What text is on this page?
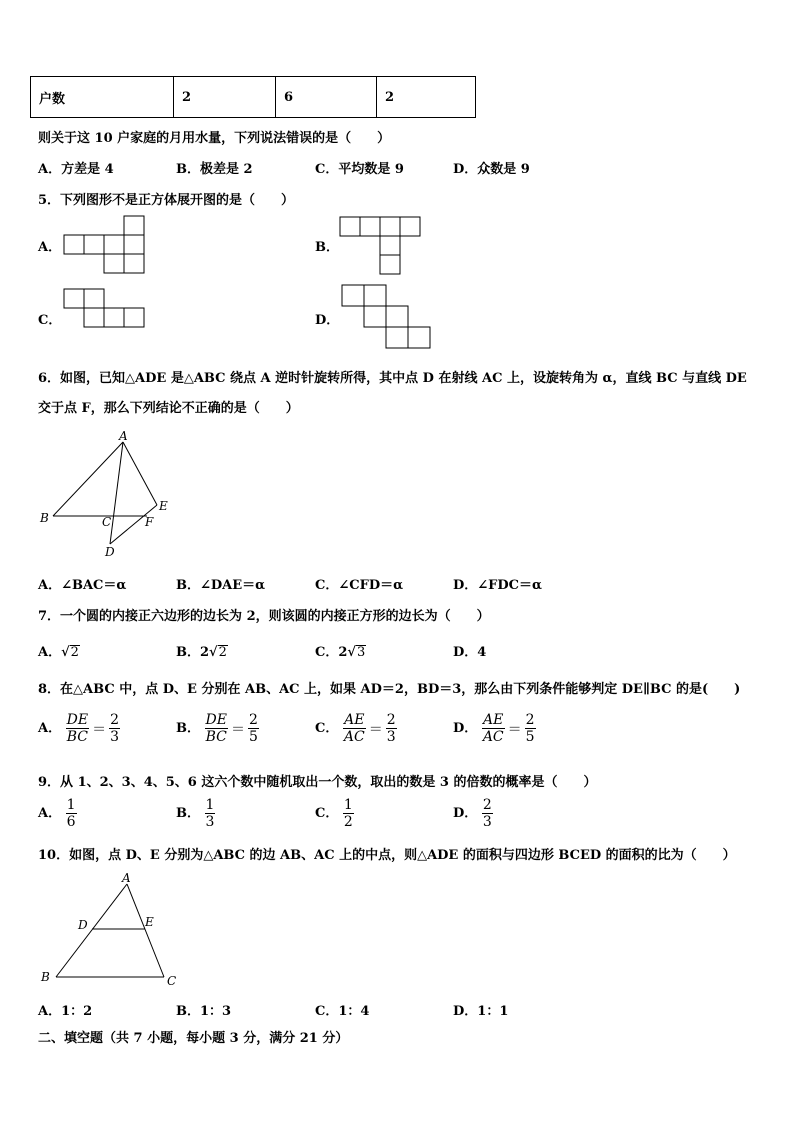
户数	2	6	2
则关于这 10 户家庭的月用水量，下列说法错误的是（　　）
A．方差是 4	B．极差是 2	C．平均数是 9	D．众数是 9
5．下列图形不是正方体展开图的是（　　）
A．	B．
C．	D．
6．如图，已知△ADE 是△ABC 绕点 A 逆时针旋转所得，其中点 D 在射线 AC 上，设旋转角为 α，直线 BC 与直线 DE
交于点 F，那么下列结论不正确的是（　　）
A
B	C
D
E
F
A．∠BAC＝α	B．∠DAE＝α	C．∠CFD＝α	D．∠FDC＝α
7．一个圆的内接正六边形的边长为 2，则该圆的内接正方形的边长为（　　）
A．√2	B．2√2	C．2√3	D．4
8．在△ABC 中，点 D、E 分别在 AB、AC 上，如果 AD＝2，BD＝3，那么由下列条件能够判定 DE∥BC 的是(　　)
A． $\frac{DE}{BC} = \frac{2}{3}$	B． $\frac{DE}{BC} = \frac{2}{5}$	C． $\frac{AE}{AC} = \frac{2}{3}$	D． $\frac{AE}{AC} = \frac{2}{5}$
9．从 1、2、3、4、5、6 这六个数中随机取出一个数，取出的数是 3 的倍数的概率是（　　）
A． $\frac{1}{6}$	B． $\frac{1}{3}$	C． $\frac{1}{2}$	D． $\frac{2}{3}$
10．如图，点 D、E 分别为△ABC 的边 AB、AC 上的中点，则△ADE 的面积与四边形 BCED 的面积的比为（　　）
A
B	C
D	E
A．1：2	B．1：3	C．1：4	D．1：1
二、填空题（共 7 小题，每小题 3 分，满分 21 分）
